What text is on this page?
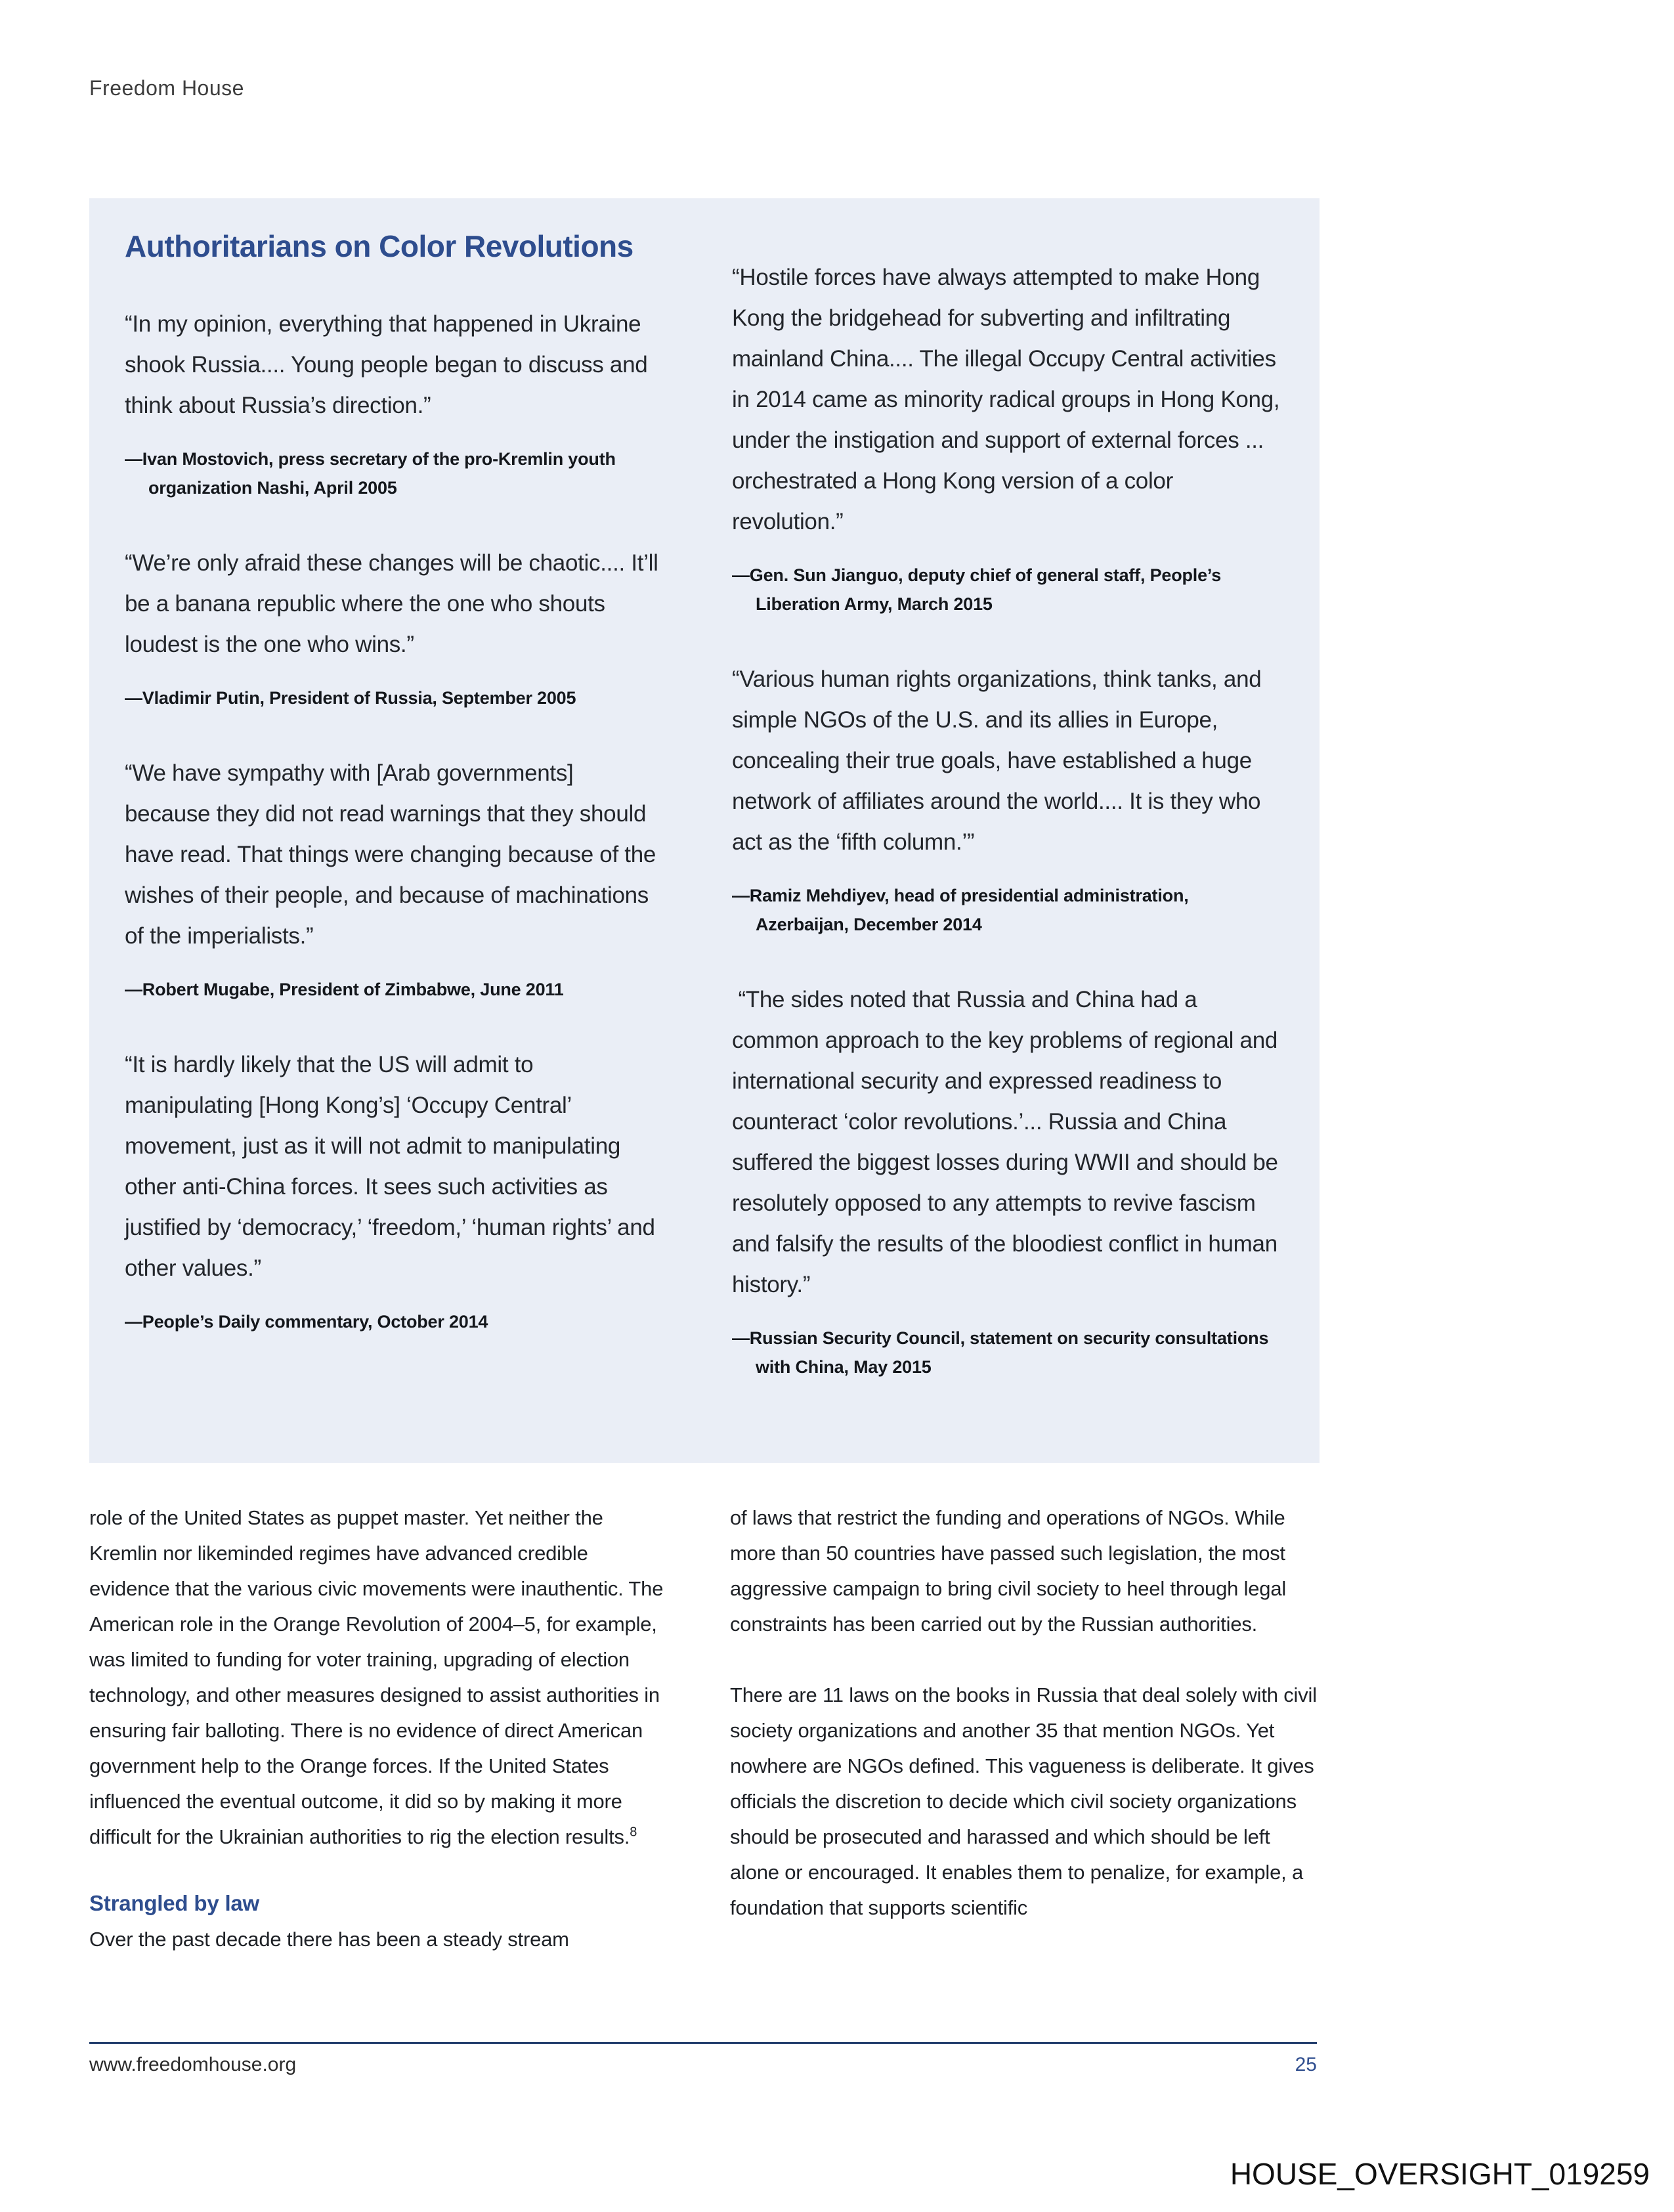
Freedom House
Authoritarians on Color Revolutions

“In my opinion, everything that happened in Ukraine shook Russia.... Young people began to discuss and think about Russia’s direction.”

—Ivan Mostovich, press secretary of the pro-Kremlin youth organization Nashi, April 2005

“We’re only afraid these changes will be chaotic.... It’ll be a banana republic where the one who shouts loudest is the one who wins.”

—Vladimir Putin, President of Russia, September 2005

“We have sympathy with [Arab governments] because they did not read warnings that they should have read. That things were changing because of the wishes of their people, and because of machinations of the imperialists.”

—Robert Mugabe, President of Zimbabwe, June 2011

“It is hardly likely that the US will admit to manipulating [Hong Kong’s] ‘Occupy Central’ movement, just as it will not admit to manipulating other anti-China forces. It sees such activities as justified by ‘democracy,’ ‘freedom,’ ‘human rights’ and other values.”

—People’s Daily commentary, October 2014

“Hostile forces have always attempted to make Hong Kong the bridgehead for subverting and infiltrating mainland China.... The illegal Occupy Central activities in 2014 came as minority radical groups in Hong Kong, under the instigation and support of external forces ... orchestrated a Hong Kong version of a color revolution.”

—Gen. Sun Jianguo, deputy chief of general staff, People’s Liberation Army, March 2015

“Various human rights organizations, think tanks, and simple NGOs of the U.S. and its allies in Europe, concealing their true goals, have established a huge network of affiliates around the world.... It is they who act as the ‘fifth column.’”

—Ramiz Mehdiyev, head of presidential administration, Azerbaijan, December 2014

“The sides noted that Russia and China had a common approach to the key problems of regional and international security and expressed readiness to counteract ‘color revolutions.’... Russia and China suffered the biggest losses during WWII and should be resolutely opposed to any attempts to revive fascism and falsify the results of the bloodiest conflict in human history.”

—Russian Security Council, statement on security consultations with China, May 2015

role of the United States as puppet master. Yet neither the Kremlin nor likeminded regimes have advanced credible evidence that the various civic movements were inauthentic. The American role in the Orange Revolution of 2004–5, for example, was limited to funding for voter training, upgrading of election technology, and other measures designed to assist authorities in ensuring fair balloting. There is no evidence of direct American government help to the Orange forces. If the United States influenced the eventual outcome, it did so by making it more difficult for the Ukrainian authorities to rig the election results.$^8$

Strangled by law

Over the past decade there has been a steady stream

of laws that restrict the funding and operations of NGOs. While more than 50 countries have passed such legislation, the most aggressive campaign to bring civil society to heel through legal constraints has been carried out by the Russian authorities.

There are 11 laws on the books in Russia that deal solely with civil society organizations and another 35 that mention NGOs. Yet nowhere are NGOs defined. This vagueness is deliberate. It gives officials the discretion to decide which civil society organizations should be prosecuted and harassed and which should be left alone or encouraged. It enables them to penalize, for example, a foundation that supports scientific

www.freedomhouse.org	25
HOUSE_OVERSIGHT_019259
